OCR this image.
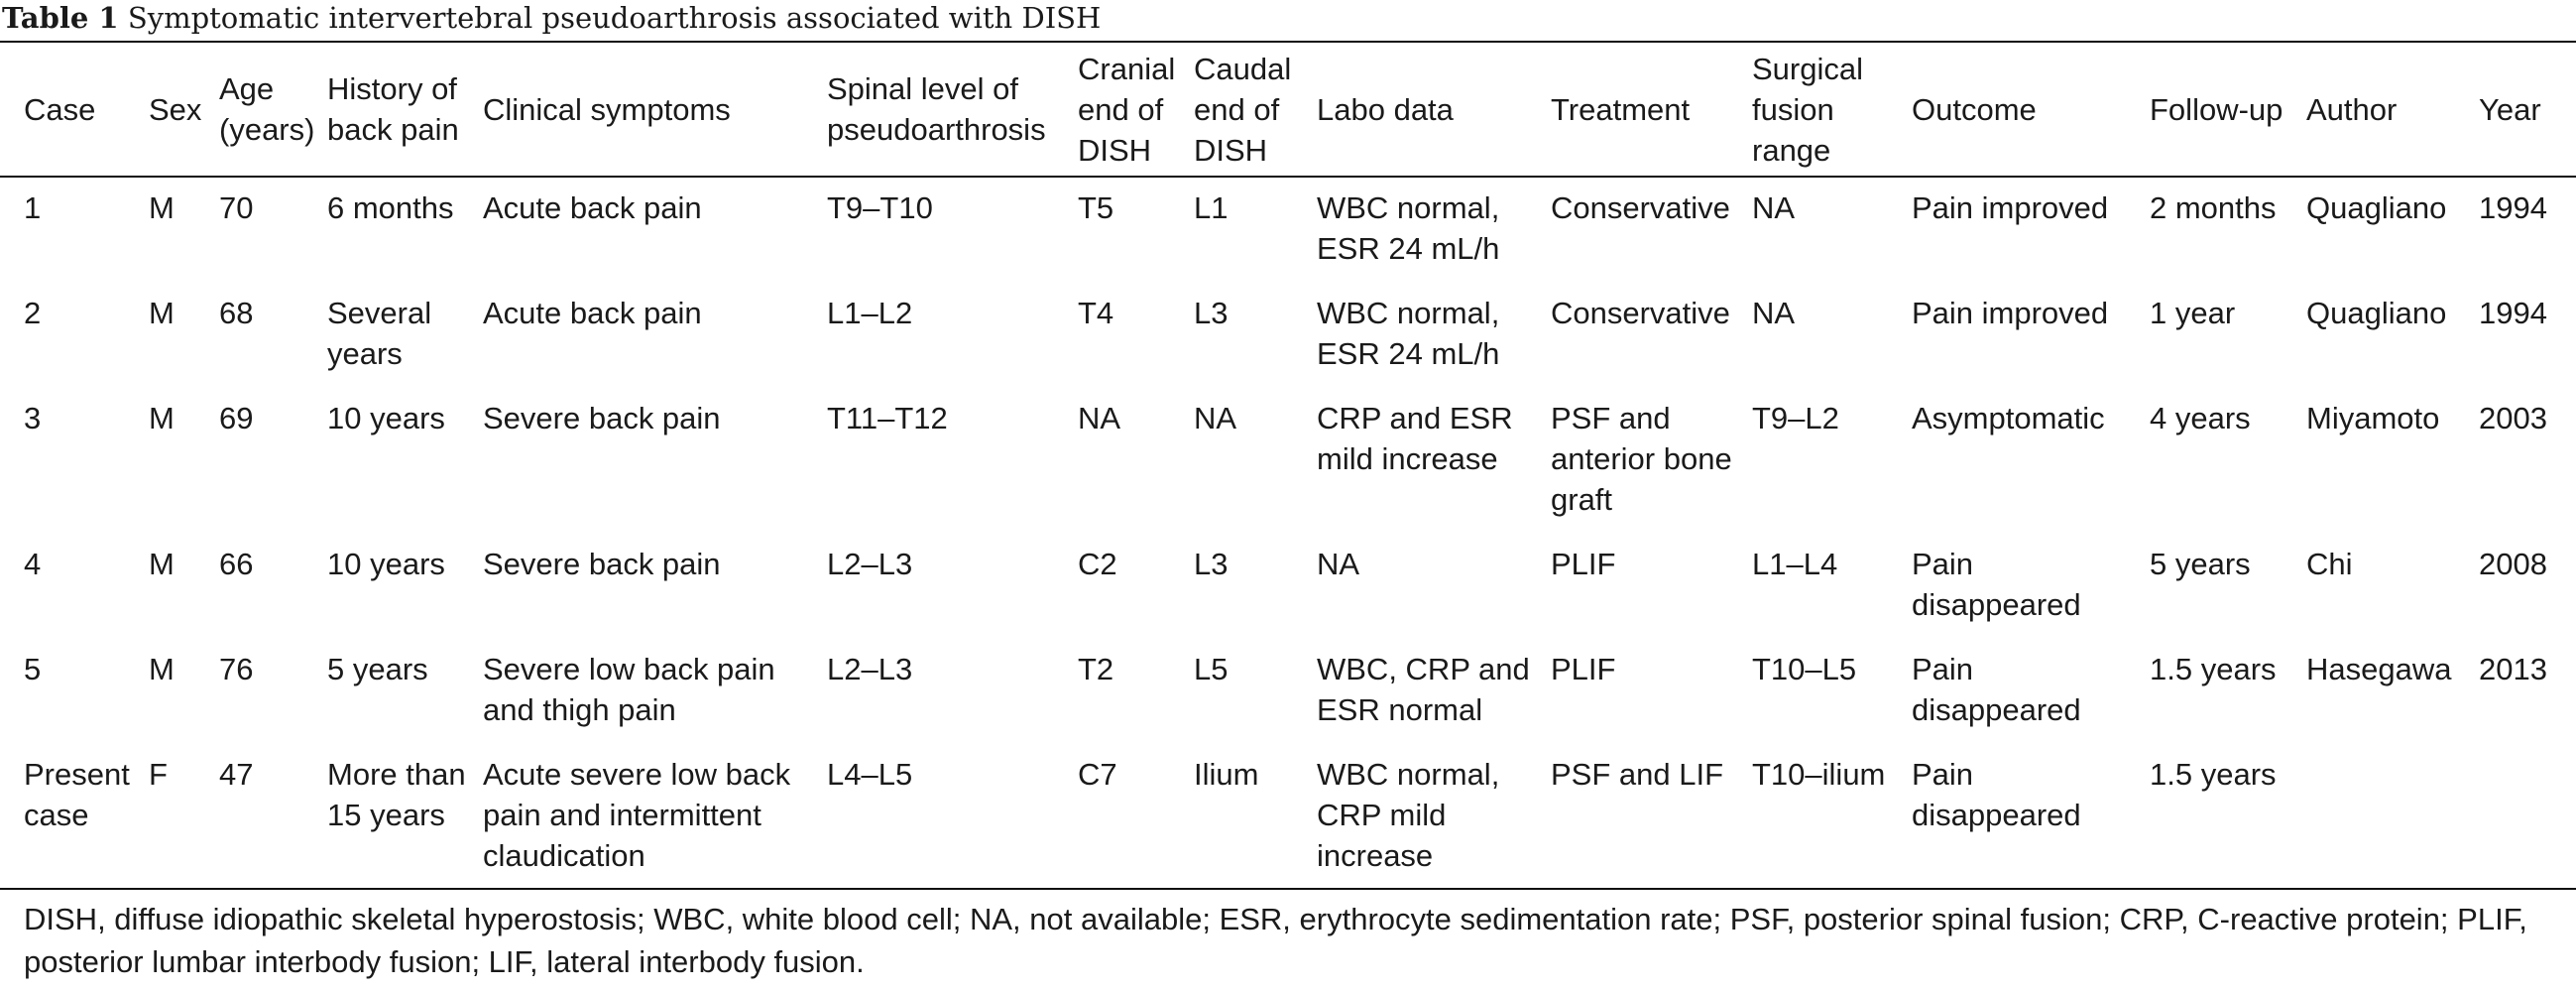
Table 1 Symptomatic intervertebral pseudoarthrosis associated with DISH
	Case	Sex	Age (years)	History of back pain	Clinical symptoms	Spinal level of pseudoarthrosis	Cranial end of DISH	Caudal end of DISH	Labo data	Treatment	Surgical fusion range	Outcome	Follow-up	Author	Year
	1	M	70	6 months	Acute back pain	T9–T10	T5	L1	WBC normal, ESR 24 mL/h	Conservative	NA	Pain improved	2 months	Quagliano	1994
	2	M	68	Several years	Acute back pain	L1–L2	T4	L3	WBC normal, ESR 24 mL/h	Conservative	NA	Pain improved	1 year	Quagliano	1994
	3	M	69	10 years	Severe back pain	T11–T12	NA	NA	CRP and ESR mild increase	PSF and anterior bone graft	T9–L2	Asymptomatic	4 years	Miyamoto	2003
	4	M	66	10 years	Severe back pain	L2–L3	C2	L3	NA	PLIF	L1–L4	Pain disappeared	5 years	Chi	2008
	5	M	76	5 years	Severe low back pain and thigh pain	L2–L3	T2	L5	WBC, CRP and ESR normal	PLIF	T10–L5	Pain disappeared	1.5 years	Hasegawa	2013
	Present case	F	47	More than 15 years	Acute severe low back pain and intermittent claudication	L4–L5	C7	Ilium	WBC normal, CRP mild increase	PSF and LIF	T10–ilium	Pain disappeared	1.5 years		
DISH, diffuse idiopathic skeletal hyperostosis; WBC, white blood cell; NA, not available; ESR, erythrocyte sedimentation rate; PSF, posterior spinal fusion; CRP, C-reactive protein; PLIF, posterior lumbar interbody fusion; LIF, lateral interbody fusion.
